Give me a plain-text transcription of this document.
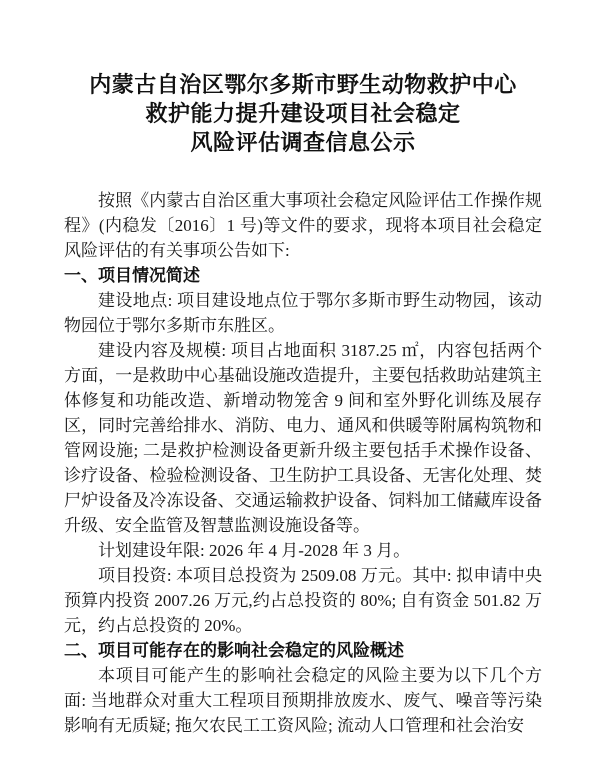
内蒙古自治区鄂尔多斯市野生动物救护中心
救护能力提升建设项目社会稳定
风险评估调查信息公示

按照《内蒙古自治区重大事项社会稳定风险评估工作操作规程》(内稳发〔2016〕1 号)等文件的要求，现将本项目社会稳定风险评估的有关事项公告如下:

一、项目情况简述

建设地点: 项目建设地点位于鄂尔多斯市野生动物园，该动物园位于鄂尔多斯市东胜区。

建设内容及规模: 项目占地面积 3187.25 ㎡，内容包括两个方面，一是救助中心基础设施改造提升，主要包括救助站建筑主体修复和功能改造、新增动物笼舍 9 间和室外野化训练及展存区，同时完善给排水、消防、电力、通风和供暖等附属构筑物和管网设施; 二是救护检测设备更新升级主要包括手术操作设备、诊疗设备、检验检测设备、卫生防护工具设备、无害化处理、焚尸炉设备及冷冻设备、交通运输救护设备、饲料加工储藏库设备升级、安全监管及智慧监测设施设备等。

计划建设年限: 2026 年 4 月-2028 年 3 月。

项目投资: 本项目总投资为 2509.08 万元。其中: 拟申请中央预算内投资 2007.26 万元,约占总投资的 80%; 自有资金 501.82 万元，约占总投资的 20%。

二、项目可能存在的影响社会稳定的风险概述

本项目可能产生的影响社会稳定的风险主要为以下几个方面: 当地群众对重大工程项目预期排放废水、废气、噪音等污染影响有无质疑; 拖欠农民工工资风险; 流动人口管理和社会治安
